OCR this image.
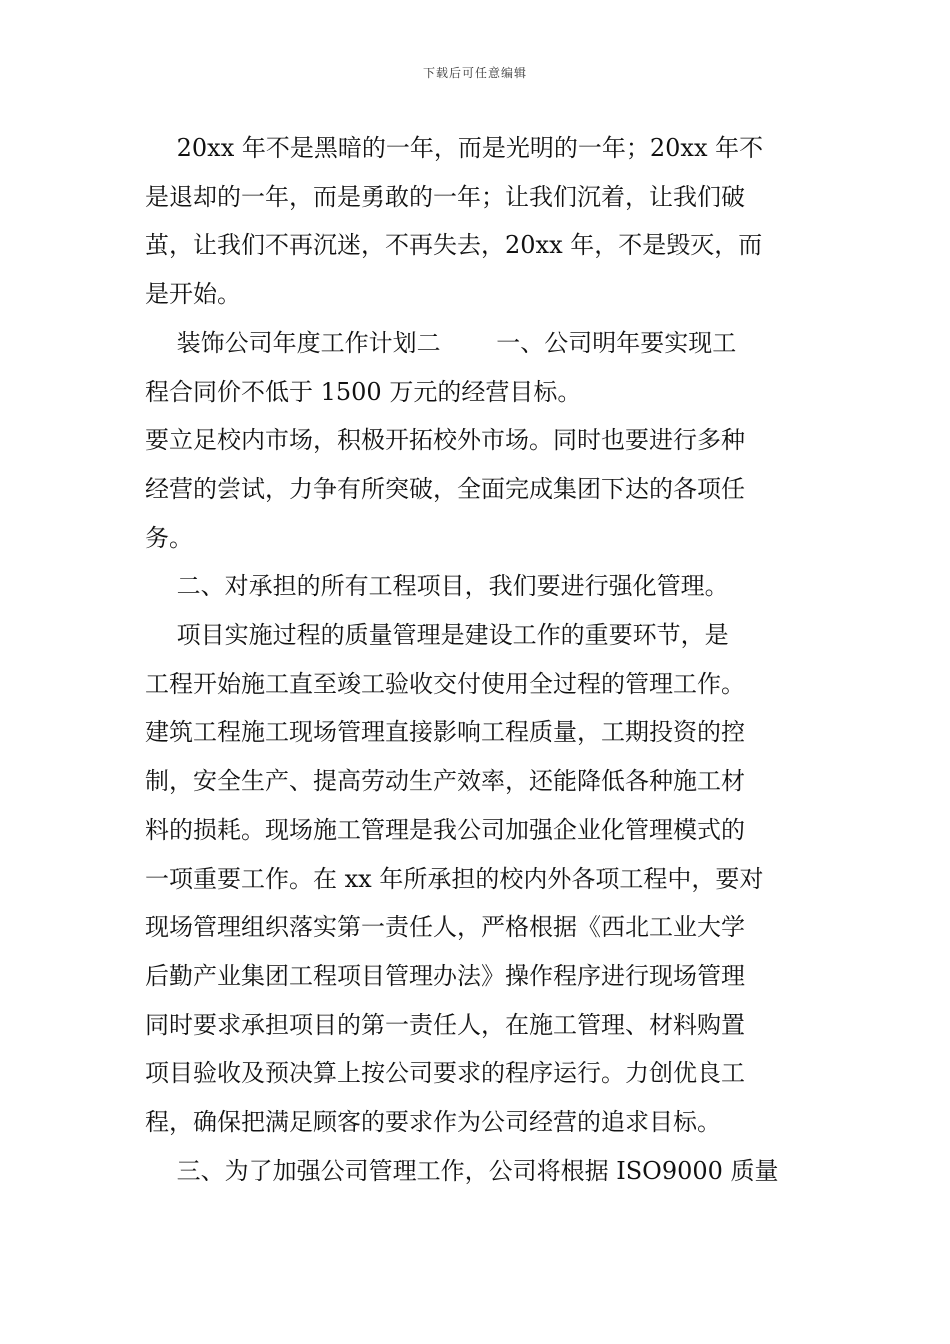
下载后可任意编辑
　 20xx 年不是黑暗的一年，而是光明的一年；20xx 年不
是退却的一年，而是勇敢的一年；让我们沉着，让我们破
茧，让我们不再沉迷，不再失去，20xx 年，不是毁灭，而
是开始。
　 装饰公司年度工作计划二　　 一、公司明年要实现工
程合同价不低于 1500 万元的经营目标。
要立足校内市场，积极开拓校外市场。同时也要进行多种
经营的尝试，力争有所突破，全面完成集团下达的各项任
务。
　 二、对承担的所有工程项目，我们要进行强化管理。
　 项目实施过程的质量管理是建设工作的重要环节，是
工程开始施工直至竣工验收交付使用全过程的管理工作。
建筑工程施工现场管理直接影响工程质量，工期投资的控
制，安全生产、提高劳动生产效率，还能降低各种施工材
料的损耗。现场施工管理是我公司加强企业化管理模式的
一项重要工作。在 xx 年所承担的校内外各项工程中，要对
现场管理组织落实第一责任人，严格根据《西北工业大学
后勤产业集团工程项目管理办法》操作程序进行现场管理
同时要求承担项目的第一责任人，在施工管理、材料购置
项目验收及预决算上按公司要求的程序运行。力创优良工
程，确保把满足顾客的要求作为公司经营的追求目标。
　 三、为了加强公司管理工作，公司将根据 ISO9000 质量
